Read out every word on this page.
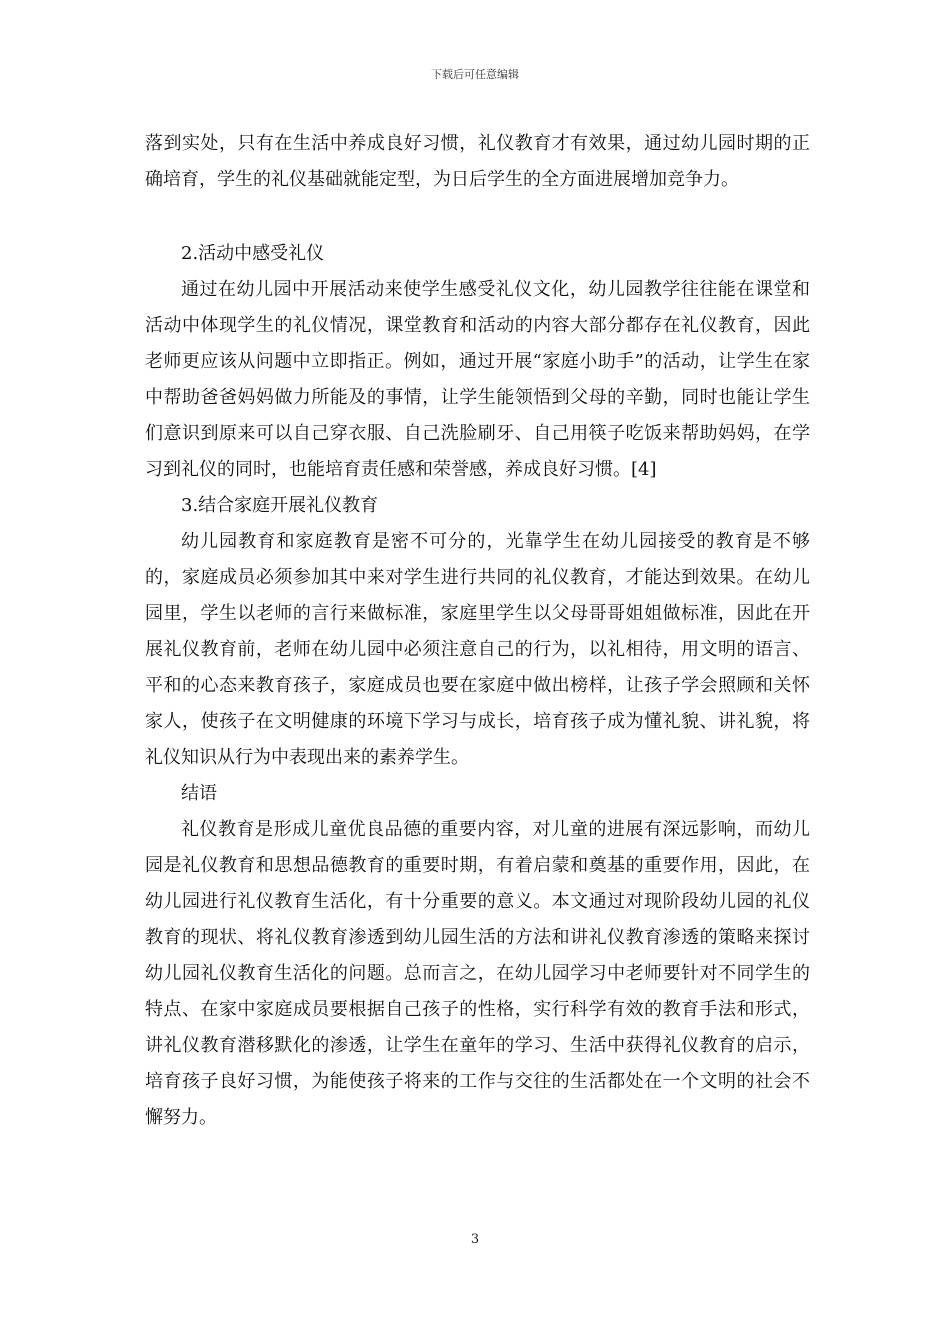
下载后可任意编辑

落到实处，只有在生活中养成良好习惯，礼仪教育才有效果，通过幼儿园时期的正确培育，学生的礼仪基础就能定型，为日后学生的全方面进展增加竞争力。

2.活动中感受礼仪

通过在幼儿园中开展活动来使学生感受礼仪文化，幼儿园教学往往能在课堂和活动中体现学生的礼仪情况，课堂教育和活动的内容大部分都存在礼仪教育，因此老师更应该从问题中立即指正。例如，通过开展“家庭小助手”的活动，让学生在家中帮助爸爸妈妈做力所能及的事情，让学生能领悟到父母的辛勤，同时也能让学生们意识到原来可以自己穿衣服、自己洗脸刷牙、自己用筷子吃饭来帮助妈妈，在学习到礼仪的同时，也能培育责任感和荣誉感，养成良好习惯。[4]

3.结合家庭开展礼仪教育

幼儿园教育和家庭教育是密不可分的，光靠学生在幼儿园接受的教育是不够的，家庭成员必须参加其中来对学生进行共同的礼仪教育，才能达到效果。在幼儿园里，学生以老师的言行来做标准，家庭里学生以父母哥哥姐姐做标准，因此在开展礼仪教育前，老师在幼儿园中必须注意自己的行为，以礼相待，用文明的语言、平和的心态来教育孩子，家庭成员也要在家庭中做出榜样，让孩子学会照顾和关怀家人，使孩子在文明健康的环境下学习与成长，培育孩子成为懂礼貌、讲礼貌，将礼仪知识从行为中表现出来的素养学生。

结语

礼仪教育是形成儿童优良品德的重要内容，对儿童的进展有深远影响，而幼儿园是礼仪教育和思想品德教育的重要时期，有着启蒙和奠基的重要作用，因此，在幼儿园进行礼仪教育生活化，有十分重要的意义。本文通过对现阶段幼儿园的礼仪教育的现状、将礼仪教育渗透到幼儿园生活的方法和讲礼仪教育渗透的策略来探讨幼儿园礼仪教育生活化的问题。总而言之，在幼儿园学习中老师要针对不同学生的特点、在家中家庭成员要根据自己孩子的性格，实行科学有效的教育手法和形式，讲礼仪教育潜移默化的渗透，让学生在童年的学习、生活中获得礼仪教育的启示，培育孩子良好习惯，为能使孩子将来的工作与交往的生活都处在一个文明的社会不懈努力。

3
